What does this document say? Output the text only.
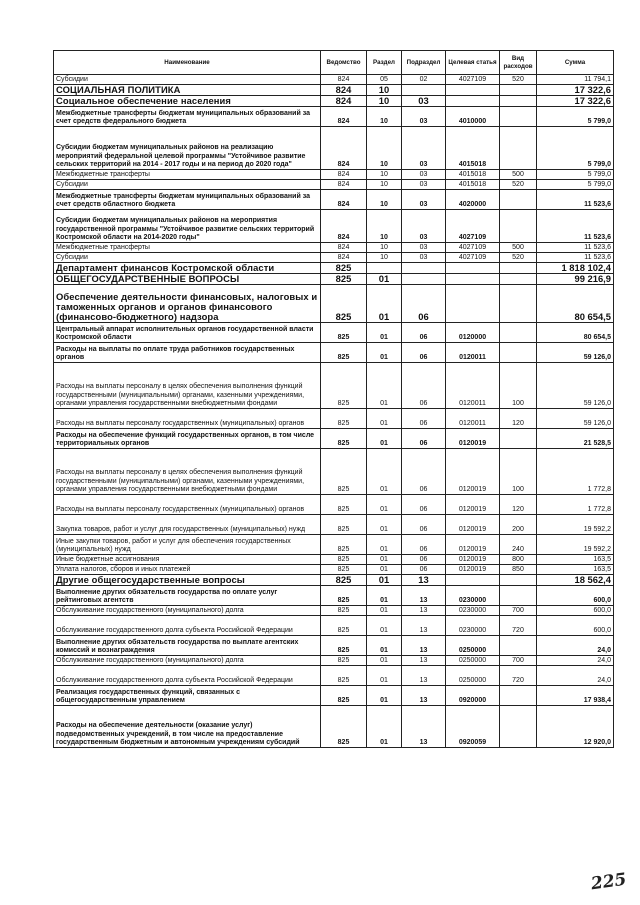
Наименование	Ведомство	Раздел	Подраздел	Целевая статья	Вид расходов	Сумма
Субсидии	824	05	02	4027109	520	11 794,1
СОЦИАЛЬНАЯ ПОЛИТИКА	824	10				17 322,6
Социальное обеспечение населения	824	10	03			17 322,6
Межбюджетные трансферты бюджетам муниципальных образований за счет средств федерального бюджета	824	10	03	4010000		5 799,0
Субсидии бюджетам муниципальных районов на реализацию мероприятий федеральной целевой программы "Устойчивое развитие сельских территорий на 2014 - 2017 годы и на период до 2020 года"	824	10	03	4015018		5 799,0
Межбюджетные трансферты	824	10	03	4015018	500	5 799,0
Субсидии	824	10	03	4015018	520	5 799,0
Межбюджетные трансферты бюджетам муниципальных образований за счет средств областного бюджета	824	10	03	4020000		11 523,6
Субсидии бюджетам муниципальных районов на мероприятия государственной программы "Устойчивое развитие сельских территорий Костромской области на 2014-2020 годы"	824	10	03	4027109		11 523,6
Межбюджетные трансферты	824	10	03	4027109	500	11 523,6
Субсидии	824	10	03	4027109	520	11 523,6
Департамент финансов Костромской области	825					1 818 102,4
ОБЩЕГОСУДАРСТВЕННЫЕ ВОПРОСЫ	825	01				99 216,9
Обеспечение деятельности финансовых, налоговых и таможенных органов и органов финансового (финансово-бюджетного) надзора	825	01	06			80 654,5
Центральный аппарат исполнительных органов государственной власти Костромской области	825	01	06	0120000		80 654,5
Расходы на выплаты по оплате труда работников государственных органов	825	01	06	0120011		59 126,0
Расходы на выплаты персоналу в целях обеспечения выполнения функций государственными (муниципальными) органами, казенными учреждениями, органами управления государственными внебюджетными фондами	825	01	06	0120011	100	59 126,0
Расходы на выплаты персоналу государственных (муниципальных) органов	825	01	06	0120011	120	59 126,0
Расходы на обеспечение функций государственных органов, в том числе территориальных органов	825	01	06	0120019		21 528,5
Расходы на выплаты персоналу в целях обеспечения выполнения функций государственными (муниципальными) органами, казенными учреждениями, органами управления государственными внебюджетными фондами	825	01	06	0120019	100	1 772,8
Расходы на выплаты персоналу государственных (муниципальных) органов	825	01	06	0120019	120	1 772,8
Закупка товаров, работ и услуг для государственных (муниципальных) нужд	825	01	06	0120019	200	19 592,2
Иные закупки товаров, работ и услуг для обеспечения государственных (муниципальных) нужд	825	01	06	0120019	240	19 592,2
Иные бюджетные ассигнования	825	01	06	0120019	800	163,5
Уплата налогов, сборов и иных платежей	825	01	06	0120019	850	163,5
Другие общегосударственные вопросы	825	01	13			18 562,4
Выполнение других обязательств государства по оплате услуг рейтинговых агентств	825	01	13	0230000		600,0
Обслуживание государственного (муниципального) долга	825	01	13	0230000	700	600,0
Обслуживание государственного долга субъекта Российской Федерации	825	01	13	0230000	720	600,0
Выполнение других обязательств государства по выплате агентских комиссий и вознаграждения	825	01	13	0250000		24,0
Обслуживание государственного (муниципального) долга	825	01	13	0250000	700	24,0
Обслуживание государственного долга субъекта Российской Федерации	825	01	13	0250000	720	24,0
Реализация государственных функций, связанных с общегосударственным управлением	825	01	13	0920000		17 938,4
Расходы на обеспечение деятельности (оказание услуг) подведомственных учреждений, в том числе на предоставление государственным бюджетным и автономным учреждениям субсидий	825	01	13	0920059		12 920,0
225
